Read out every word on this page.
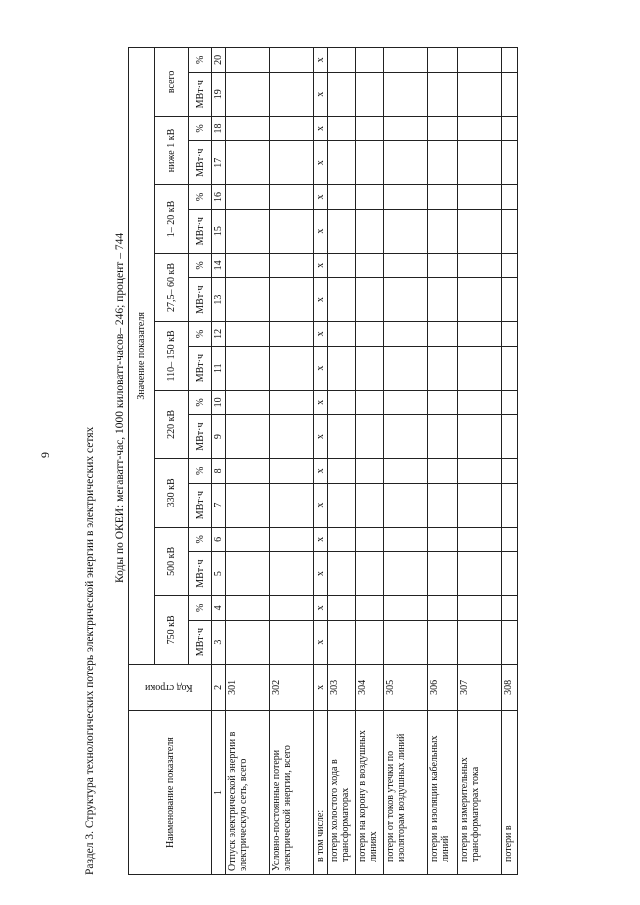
9	Раздел 3. Структура технологических потерь электрической энергии в электрических сетях
Коды по ОКЕИ: мегаватт-час, 1000 киловатт-часов– 246; процент – 744
Наименование показателя	Код строки	Значение показателя																	
		750 кВ		500 кВ		330 кВ		220 кВ		110– 150 кВ		27,5– 60 кВ		1– 20 кВ		ниже 1 кВ		всего	
		МВт·ч	%	МВт·ч	%	МВт·ч	%	МВт·ч	%	МВт·ч	%	МВт·ч	%	МВт·ч	%	МВт·ч	%	МВт·ч	%
1	2	3	4	5	6	7	8	9	10	11	12	13	14	15	16	17	18	19	20
Отпуск электрической энергии в электрическую сеть, всего	301																		
Условно-постоянные потери электрической энергии, всего	302																		
в том числе:	х	х	х	х	х	х	х	х	х	х	х	х	х	х	х	х	х	х	х
потери холостого хода в трансформаторах	303																		
потери на корону в воздушных линиях	304																		
потери от токов утечки по изоляторам воздушных линий	305																		
потери в изоляции кабельных линий	306																		
потери в измерительных трансформаторах тока	307																		
потери в	308																		
